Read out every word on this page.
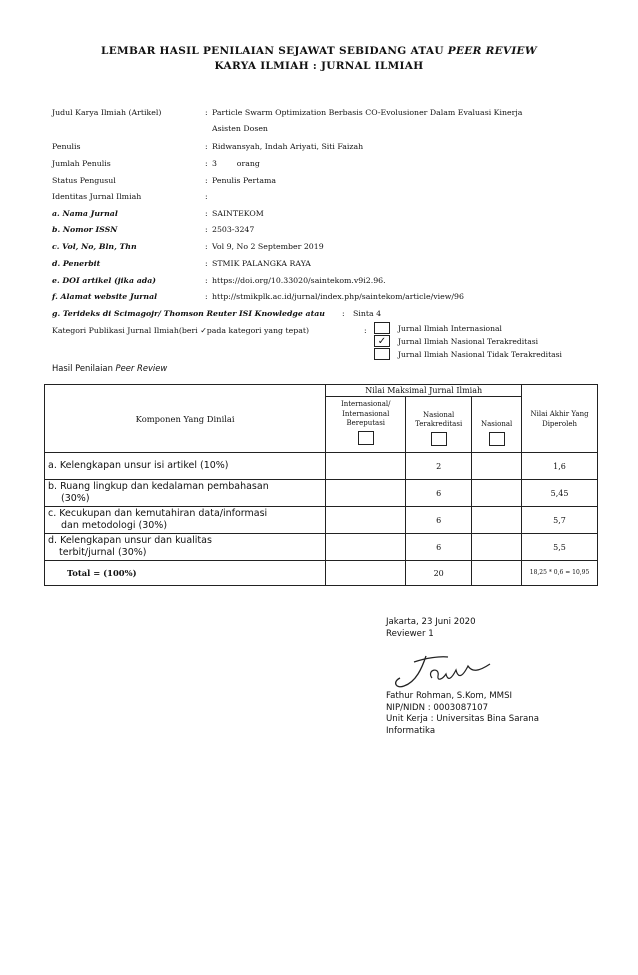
LEMBAR HASIL PENILAIAN SEJAWAT SEBIDANG ATAU PEER REVIEW
KARYA ILMIAH : JURNAL ILMIAH
Judul Karya Ilmiah (Artikel)	: Particle Swarm Optimization Berbasis CO-Evolusioner Dalam Evaluasi Kinerja
Asisten Dosen
Penulis	: Ridwansyah, Indah Ariyati, Siti Faizah
Jumlah Penulis	: 3        orang
Status Pengusul	: Penulis Pertama
Identitas Jurnal Ilmiah	:
a. Nama Jurnal	: SAINTEKOM
b. Nomor ISSN	: 2503-3247
c. Vol, No, Bln, Thn	: Vol 9, No 2 September 2019
d. Penerbit	: STMIK PALANGKA RAYA
e. DOI artikel (jika ada)	: https://doi.org/10.33020/saintekom.v9i2.96.
f. Alamat website Jurnal	: http://stmikplk.ac.id/jurnal/index.php/saintekom/article/view/96
g. Terideks di Scimagojr/ Thomson Reuter ISI Knowledge atau : Sinta 4
Kategori Publikasi Jurnal Ilmiah(beri ✓pada kategori yang tepat)	:	Jurnal Ilmiah Internasional
✓	Jurnal Ilmiah Nasional Terakreditasi
Jurnal Ilmiah Nasional Tidak Terakreditasi
Hasil Penilaian Peer Review
Komponen Yang Dinilai	Nilai Maksimal Jurnal Ilmiah			Nilai Akhir Yang Diperoleh

	Internasional/ Internasional Bereputasi	Nasional Terakreditasi	Nasional	

a. Kelengkapan unsur isi artikel (10%)		2		1,6

b. Ruang lingkup dan kedalaman pembahasan
(30%)		6		5,45

c. Kecukupan dan kemutahiran data/informasi
dan metodologi (30%)		6		5,7

d. Kelengkapan unsur dan kualitas
terbit/jurnal (30%)		6		5,5
Total = (100%)		20		18,25 * 0,6 = 10,95
Jakarta, 23 Juni 2020
Reviewer 1
Fathur Rohman, S.Kom, MMSI
NIP/NIDN : 0003087107
Unit Kerja : Universitas Bina Sarana
Informatika
